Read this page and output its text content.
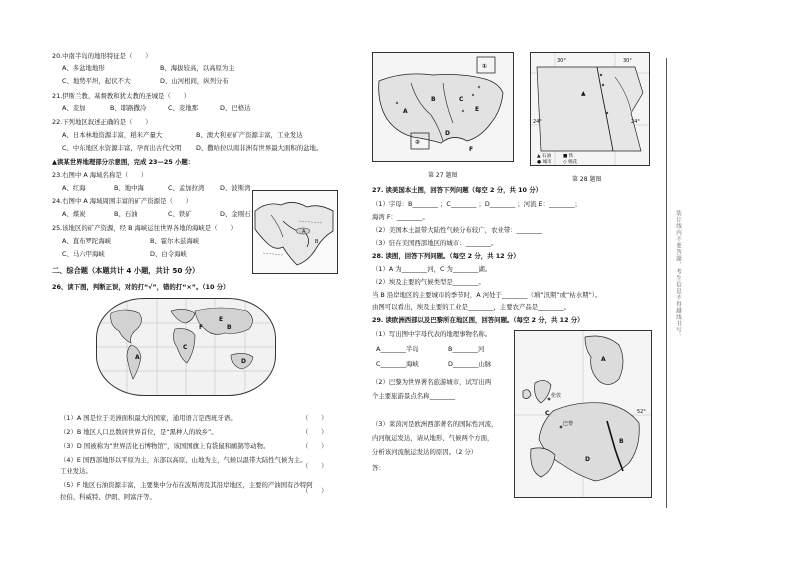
20.中南半岛的地形特征是（　　）
A、多盆地地形	B、海拔较高，以高原为主
C、地势平坦，起伏不大	D、山河相间，纵列分布
21.伊斯兰教、基督教和犹太教的圣城是（　　）
A、麦加	B、耶路撒冷	C、麦地那	D、巴格达
22.下列地区叙述正确的是（　　）
A、日本林地资源丰富，稻米产量大	B、澳大利亚矿产资源丰富，工业发达
C、中东地区水资源丰富，孕育出古代文明 D、撒哈拉以南非洲有世界最大面积的盆地。
▲读某世界地理部分示意图，完成 23—25 小题：
23.右图中 A 海域名称是（　　）
A、红海	B、地中海	C、孟加拉湾 D、波斯湾
24.右图中 A 海域周围丰富的矿产资源是（　　）
A、煤炭	B、石油	C、铁矿	D、金刚石
25.该地区的矿产资源，经 B 海峡运往世界各地的海峡是（　　）
A、直布罗陀海峡	B、霍尔木兹海峡
C、马六甲海峡	D、白令海峡
A
B
二、综合题（本题共计 4 小题，共计 50 分）
26、读下图，判断正误，对的打“√”，错的打“×”。（10 分）
F
E
B
A
C
D
（1）A 国是位于美洲面积最大的国家，通用语言是西班牙语。	（　　）
（2）B 地区人口总数居世界首位，是“黑种人的故乡”。	（　　）
（3）D 国被称为“世界活化石博物馆”，该国国旗上有袋鼠和鸸鹋等动物。	（　　）
（4）E 国西部地形以平原为主，东部以高原、山地为主，气候以温带大陆性气候为主。
工业发达。
（　　）
（5）F 地区石油资源丰富，主要集中分布在波斯湾及其沿岸地区，主要的产油国有沙特阿
拉伯、科威特、伊朗、阿富汗等。
（　　）
①
②
A
B	C
D
E
F
第 27 题图
30°
24°
30°
24°
▲
▲ 石油	■ 铁
● 城市 ◇ 棉花
第 28 题图
27. 读美国本土图，回答下列问题（每空 2 分，共 10 分）
（1）字母：B________ ；C________ ；D________ ；河流 E：________；
海湾 F：________。
（2）美国本土温带大陆性气候分布较广，农业带：________
（3）驻在美国西部地区的城市：________。
28. 读图，回答下列问题。（每空 2 分，共 12 分）
（1）A 为________河，C 为________湖。
（2）埃及主要的气候类型是________。
当 B 沿岸地区的主要城市的季节时，A 河处于________（填“汛期”或“枯水期”）。
由图可以看出，埃及主要的工业是________，主要农产品是________。
29. 读欧洲西部以及巴黎所在地区图，回答问题。（每空 2 分，共 12 分）
（1）写出图中字母代表的地理事物名称。
A________半岛	B________河
C________海峡	D________山脉
（2）巴黎为世界著名旅游城市，试写出两
个主要旅游景点名称________
（3）莱茵河是欧洲西部著名的国际性河流，
内河航运发达，请从地形、气候两个方面，
分析该河流航运发达的原因。（2 分）
答：
A
B
C
D
伦敦
巴黎
52°
装订线内不要答题，考生信息不得越线书写。
